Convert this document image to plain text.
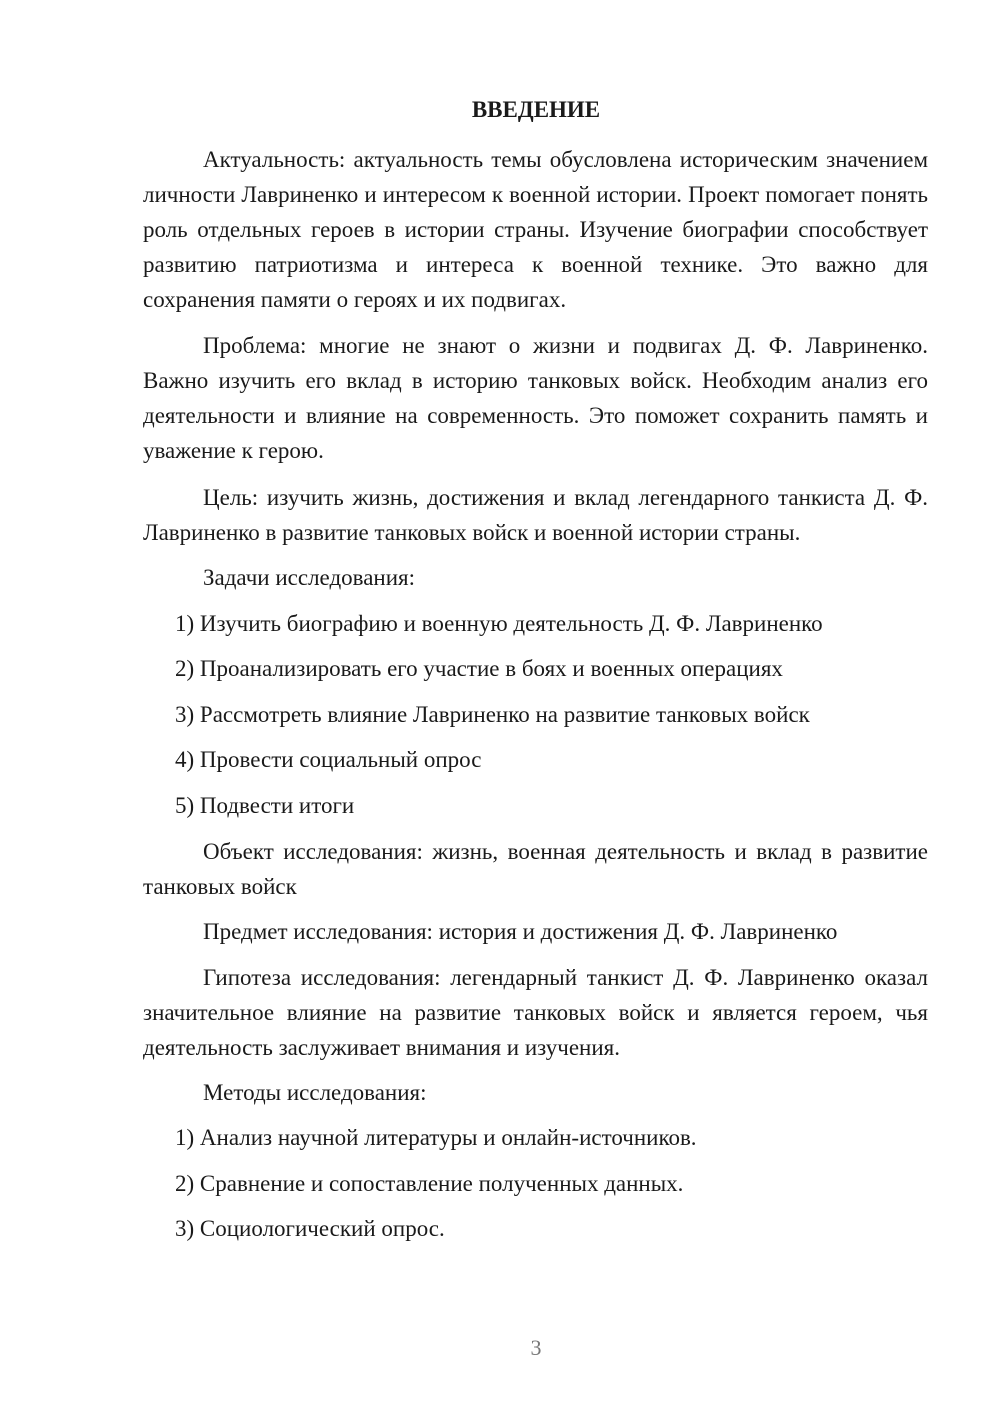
ВВЕДЕНИЕ

Актуальность: актуальность темы обусловлена историческим значением личности Лавриненко и интересом к военной истории. Проект помогает понять роль отдельных героев в истории страны. Изучение биографии способствует развитию патриотизма и интереса к военной технике. Это важно для сохранения памяти о героях и их подвигах.

Проблема: многие не знают о жизни и подвигах Д. Ф. Лавриненко. Важно изучить его вклад в историю танковых войск. Необходим анализ его деятельности и влияние на современность. Это поможет сохранить память и уважение к герою.

Цель: изучить жизнь, достижения и вклад легендарного танкиста Д. Ф. Лавриненко в развитие танковых войск и военной истории страны.

Задачи исследования:

1) Изучить биографию и военную деятельность Д. Ф. Лавриненко

2) Проанализировать его участие в боях и военных операциях

3) Рассмотреть влияние Лавриненко на развитие танковых войск

4) Провести социальный опрос

5) Подвести итоги

Объект исследования: жизнь, военная деятельность и вклад в развитие танковых войск

Предмет исследования: история и достижения Д. Ф. Лавриненко

Гипотеза исследования: легендарный танкист Д. Ф. Лавриненко оказал значительное влияние на развитие танковых войск и является героем, чья деятельность заслуживает внимания и изучения.

Методы исследования:

1) Анализ научной литературы и онлайн-источников.

2) Сравнение и сопоставление полученных данных.

3) Социологический опрос.

3
